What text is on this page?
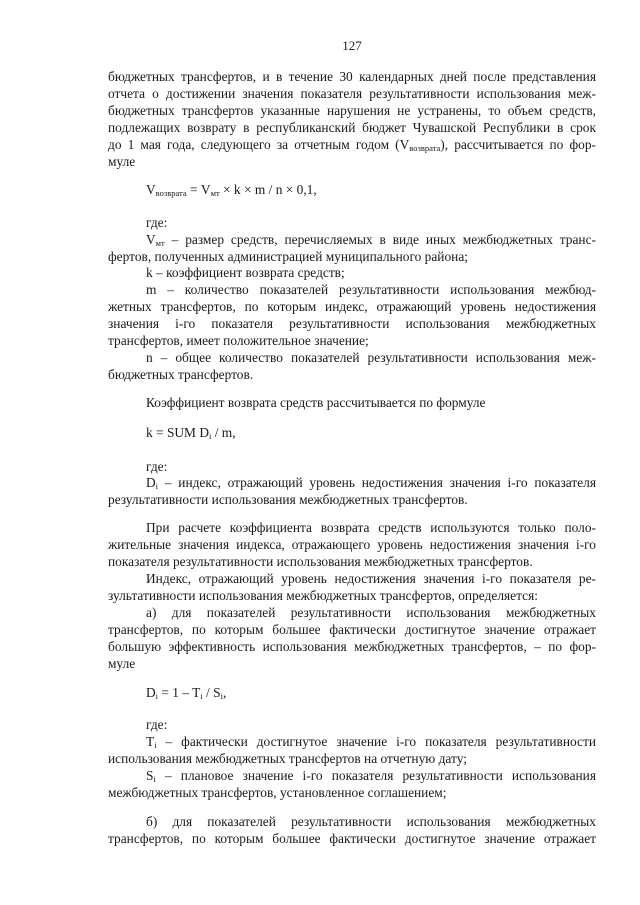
127
бюджетных трансфертов, и в течение 30 календарных дней после представления
отчета о достижении значения показателя результативности использования меж-
бюджетных трансфертов указанные нарушения не устранены, то объем средств,
подлежащих возврату в республиканский бюджет Чувашской Республики в срок
до 1 мая года, следующего за отчетным годом $(V_{возврата})$, рассчитывается по фор-
муле
$V_{возврата} = V_{мт} \times k \times m / n \times 0,1$,
где:
$V_{мт}$ – размер средств, перечисляемых в виде иных межбюджетных транс-
фертов, полученных администрацией муниципального района;
k – коэффициент возврата средств;
m – количество показателей результативности использования межбюд-
жетных трансфертов, по которым индекс, отражающий уровень недостижения
значения i-го показателя результативности использования межбюджетных
трансфертов, имеет положительное значение;
n – общее количество показателей результативности использования меж-
бюджетных трансфертов.
Коэффициент возврата средств рассчитывается по формуле
k = SUM $D_i$ / m,
где:
$D_i$ – индекс, отражающий уровень недостижения значения i-го показателя
результативности использования межбюджетных трансфертов.
При расчете коэффициента возврата средств используются только поло-
жительные значения индекса, отражающего уровень недостижения значения i-го
показателя результативности использования межбюджетных трансфертов.
Индекс, отражающий уровень недостижения значения i-го показателя ре-
зультативности использования межбюджетных трансфертов, определяется:
а) для показателей результативности использования межбюджетных
трансфертов, по которым большее фактически достигнутое значение отражает
большую эффективность использования межбюджетных трансфертов, – по фор-
муле
$D_i = 1 - T_i / S_i$,
где:
$T_i$ – фактически достигнутое значение i-го показателя результативности
использования межбюджетных трансфертов на отчетную дату;
$S_i$ – плановое значение i-го показателя результативности использования
межбюджетных трансфертов, установленное соглашением;
б) для показателей результативности использования межбюджетных
трансфертов, по которым большее фактически достигнутое значение отражает
